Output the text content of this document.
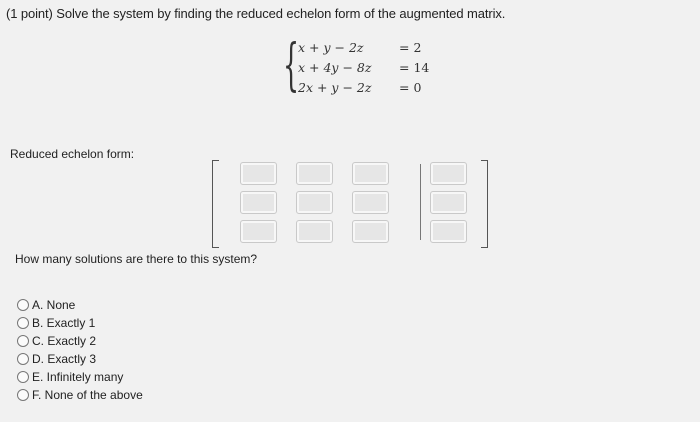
(1 point) Solve the system by finding the reduced echelon form of the augmented matrix.
{
x + y − 2z	= 2
x + 4y − 8z = 14
2x + y − 2z = 0
Reduced echelon form:
How many solutions are there to this system?
A. None
B. Exactly 1
C. Exactly 2
D. Exactly 3
E. Infinitely many
F. None of the above
